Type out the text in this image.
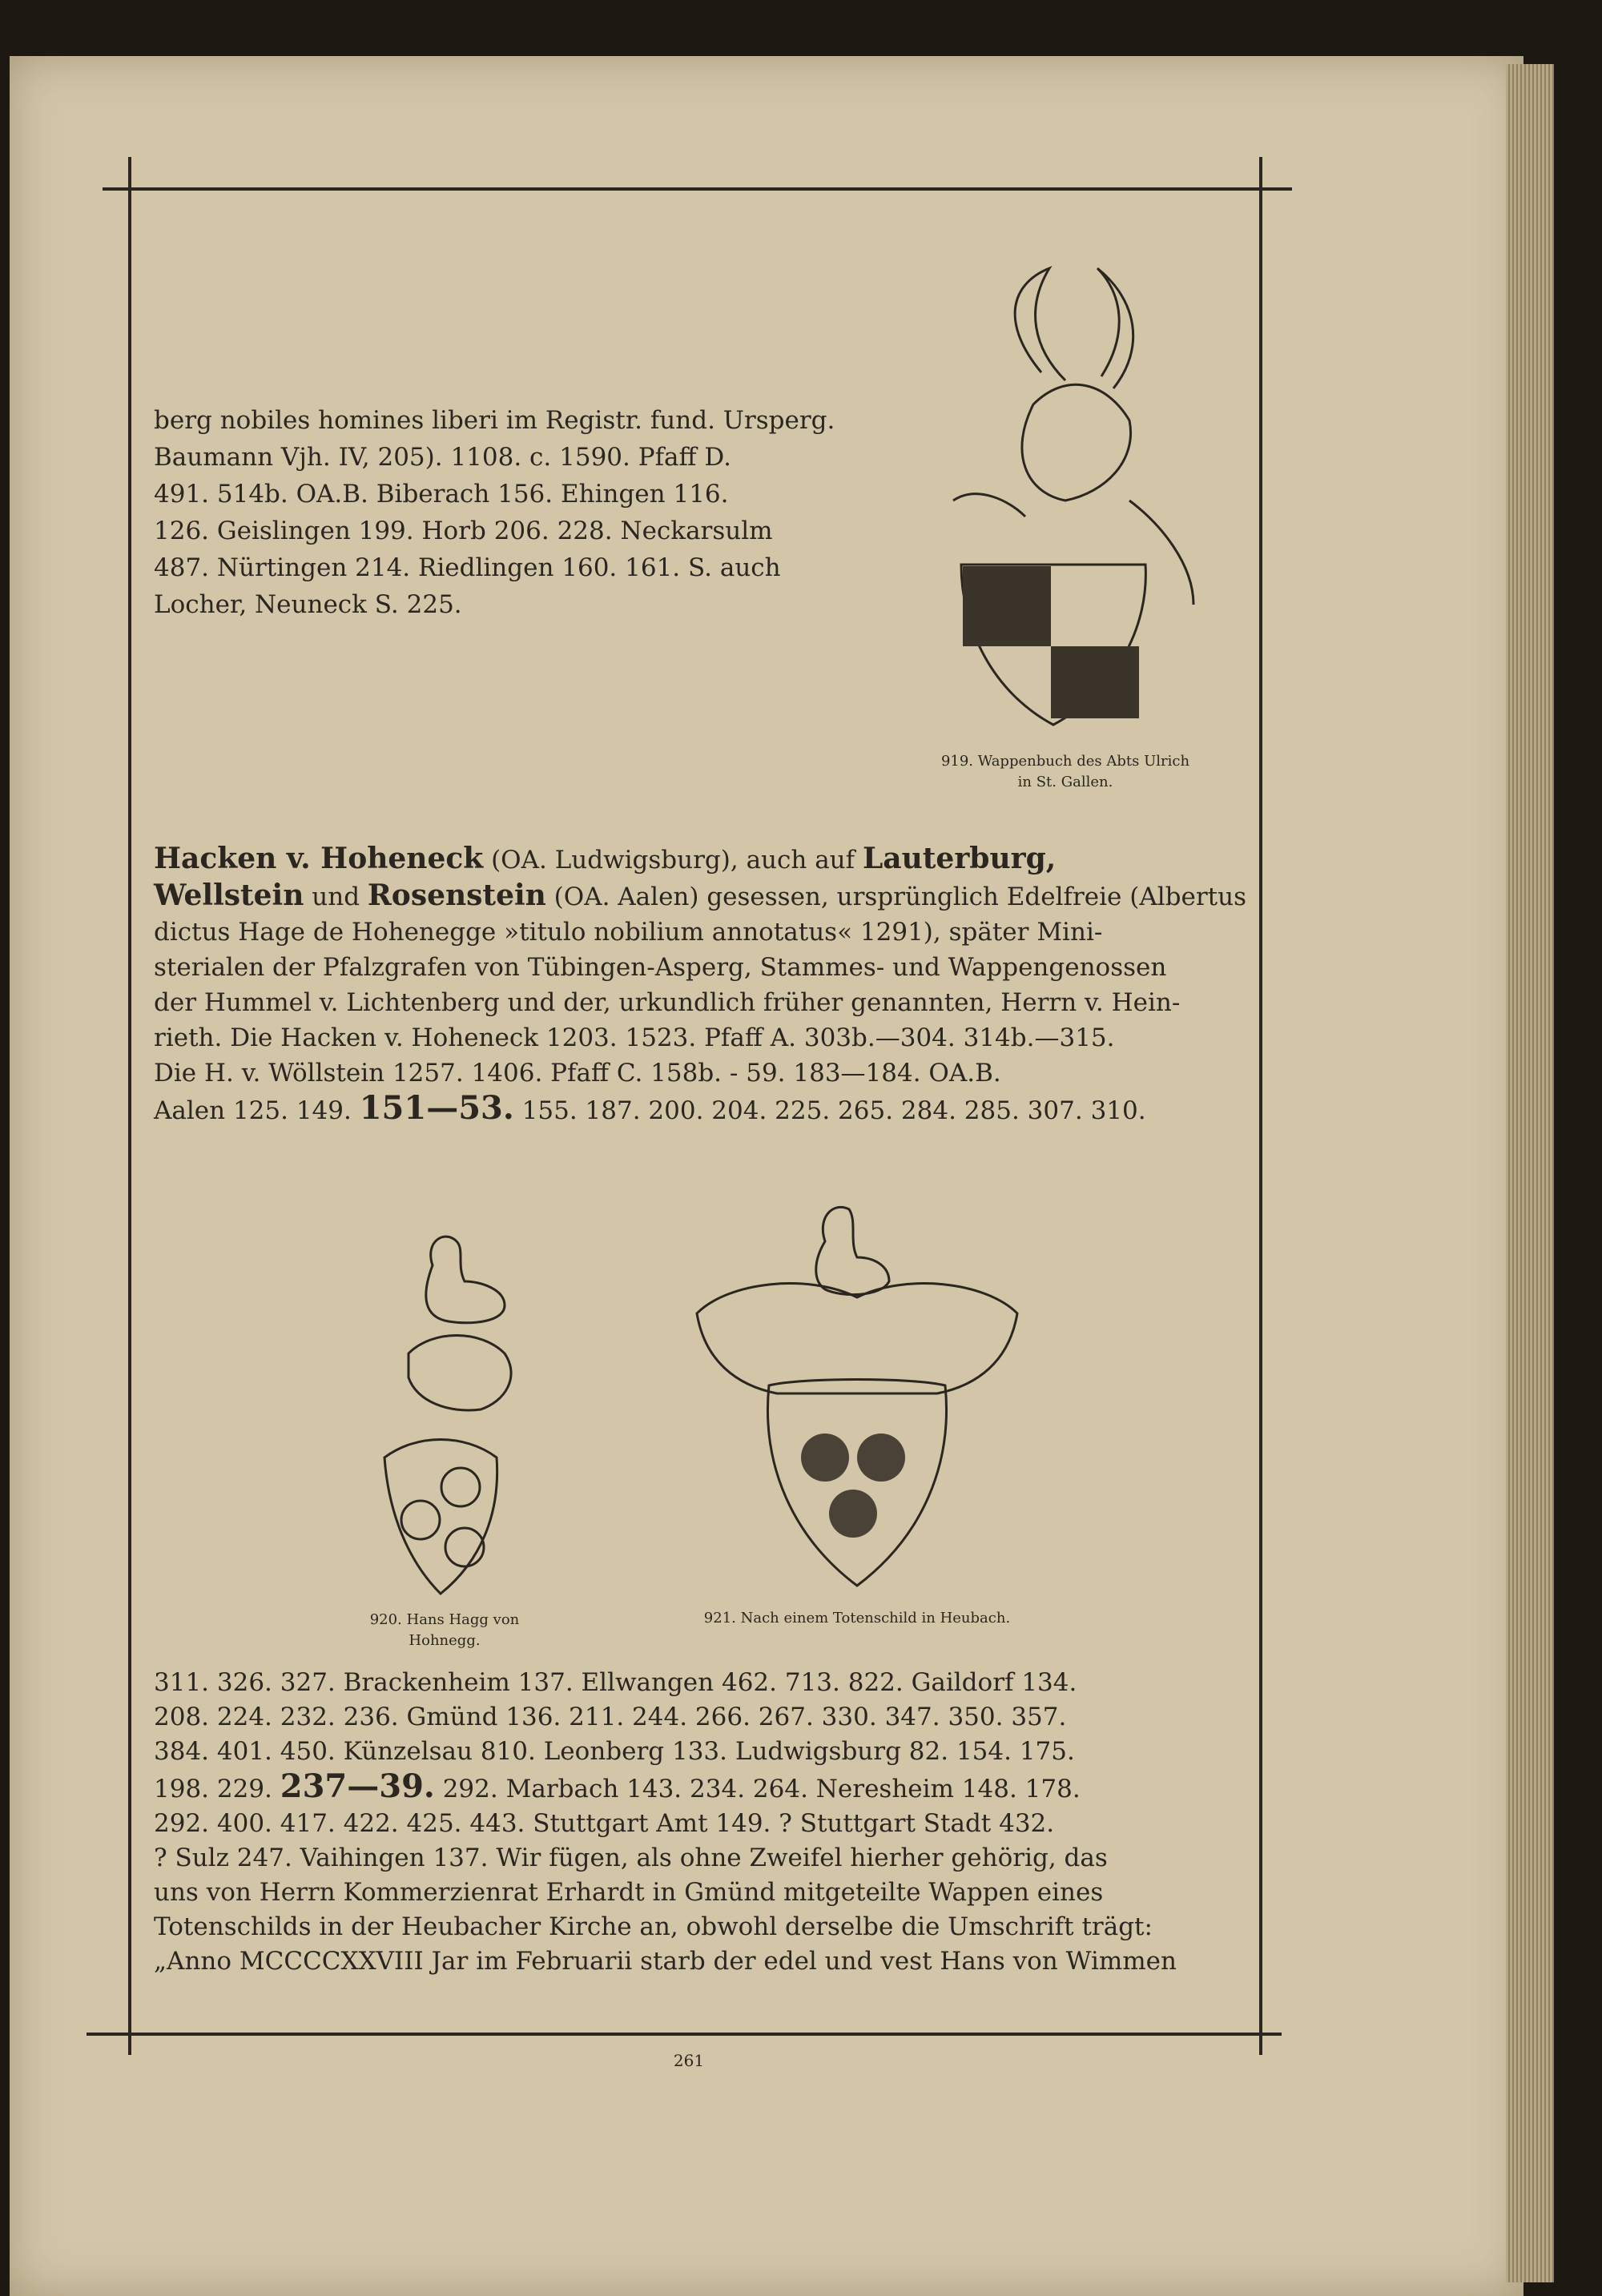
berg nobiles homines liberi im Registr. fund. Ursperg.
Baumann Vjh. IV, 205). 1108. c. 1590. Pfaff D.
491. 514b. OA.B. Biberach 156. Ehingen 116.
126. Geislingen 199. Horb 206. 228. Neckarsulm
487. Nürtingen 214. Riedlingen 160. 161. S. auch
Locher, Neuneck S. 225.
919. Wappenbuch des Abts Ulrich
in St. Gallen.
Hacken v. Hoheneck (OA. Ludwigsburg), auch auf Lauterburg,
Wellstein und Rosenstein (OA. Aalen) gesessen, ursprünglich Edelfreie (Albertus
dictus Hage de Hohenegge »titulo nobilium annotatus« 1291), später Mini-
sterialen der Pfalzgrafen von Tübingen-Asperg, Stammes- und Wappengenossen
der Hummel v. Lichtenberg und der, urkundlich früher genannten, Herrn v. Hein-
rieth. Die Hacken v. Hoheneck 1203. 1523. Pfaff A. 303b.—304. 314b.—315.
Die H. v. Wöllstein 1257. 1406. Pfaff C. 158b. - 59. 183—184. OA.B.
Aalen 125. 149. 151—53. 155. 187. 200. 204. 225. 265. 284. 285. 307. 310.
920. Hans Hagg von
Hohnegg.
921. Nach einem Totenschild in Heubach.
311. 326. 327. Brackenheim 137. Ellwangen 462. 713. 822. Gaildorf 134.
208. 224. 232. 236. Gmünd 136. 211. 244. 266. 267. 330. 347. 350. 357.
384. 401. 450. Künzelsau 810. Leonberg 133. Ludwigsburg 82. 154. 175.
198. 229. 237—39. 292. Marbach 143. 234. 264. Neresheim 148. 178.
292. 400. 417. 422. 425. 443. Stuttgart Amt 149. ? Stuttgart Stadt 432.
? Sulz 247. Vaihingen 137. Wir fügen, als ohne Zweifel hierher gehörig, das
uns von Herrn Kommerzienrat Erhardt in Gmünd mitgeteilte Wappen eines
Totenschilds in der Heubacher Kirche an, obwohl derselbe die Umschrift trägt:
„Anno MCCCCXXVIII Jar im Februarii starb der edel und vest Hans von Wimmen
261
